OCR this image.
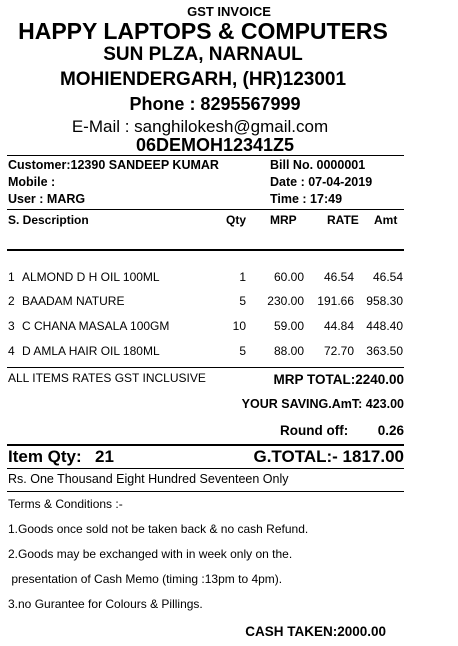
GST INVOICE
HAPPY LAPTOPS & COMPUTERS
SUN PLZA, NARNAUL
MOHIENDERGARH, (HR)123001
Phone : 8295567999
E-Mail : sanghilokesh@gmail.com
06DEMOH12341Z5
Customer:12390 SANDEEP KUMAR
Mobile :
User : MARG
Bill No. 0000001
Date : 07-04-2019
Time : 17:49
S. Description	Qty MRP	RATE Amt
1 ALMOND D H OIL 100ML	1	60.00	46.54	46.54
2 BAADAM NATURE	5	230.00	191.66	958.30
3 C CHANA MASALA 100GM	10	59.00	44.84	448.40
4 D AMLA HAIR OIL 180ML	5	88.00	72.70	363.50
ALL ITEMS RATES GST INCLUSIVE	MRP TOTAL:2240.00
YOUR SAVING.AmT: 423.00
Round off:	0.26
Item Qty: 21	G.TOTAL:- 1817.00
Rs. One Thousand Eight Hundred Seventeen Only
Terms & Conditions :-
1.Goods once sold not be taken back & no cash Refund.
2.Goods may be exchanged with in week only on the.
presentation of Cash Memo (timing :13pm to 4pm).
3.no Gurantee for Colours & Pillings.
CASH TAKEN:2000.00
